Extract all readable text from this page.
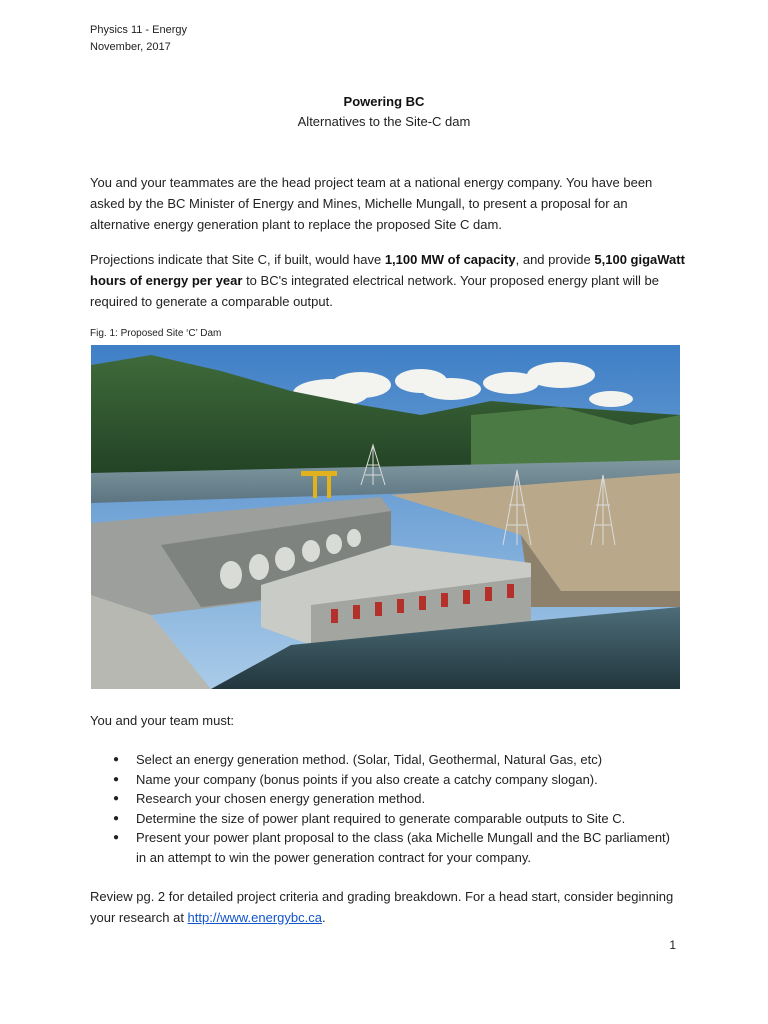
Physics 11 - Energy
November, 2017
Powering BC
Alternatives to the Site-C dam
You and your teammates are the head project team at a national energy company. You have been asked by the BC Minister of Energy and Mines, Michelle Mungall, to present a proposal for an alternative energy generation plant to replace the proposed Site C dam.
Projections indicate that Site C, if built, would have 1,100 MW of capacity, and provide 5,100 gigaWatt hours of energy per year to BC's integrated electrical network. Your proposed energy plant will be required to generate a comparable output.
Fig. 1: Proposed Site ‘C’ Dam
You and your team must:
● Select an energy generation method. (Solar, Tidal, Geothermal, Natural Gas, etc)
● Name your company (bonus points if you also create a catchy company slogan).
● Research your chosen energy generation method.
● Determine the size of power plant required to generate comparable outputs to Site C.
● Present your power plant proposal to the class (aka Michelle Mungall and the BC parliament) in an attempt to win the power generation contract for your company.
Review pg. 2 for detailed project criteria and grading breakdown. For a head start, consider beginning your research at http://www.energybc.ca.
1
